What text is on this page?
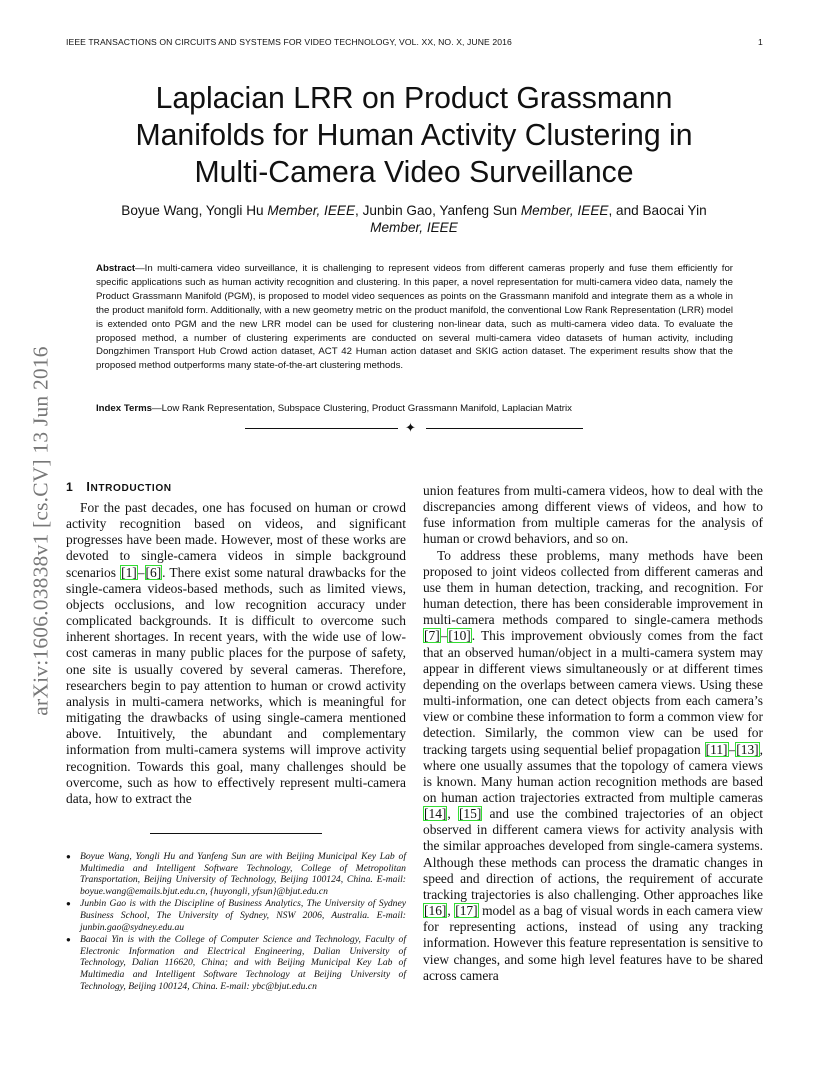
IEEE TRANSACTIONS ON CIRCUITS AND SYSTEMS FOR VIDEO TECHNOLOGY, VOL. XX, NO. X, JUNE 2016	1
Laplacian LRR on Product Grassmann
Manifolds for Human Activity Clustering in
Multi-Camera Video Surveillance
Boyue Wang, Yongli Hu Member, IEEE, Junbin Gao, Yanfeng Sun Member, IEEE, and Baocai Yin
Member, IEEE

Abstract—In multi-camera video surveillance, it is challenging to represent videos from different cameras properly and fuse them efficiently for specific applications such as human activity recognition and clustering. In this paper, a novel representation for multi-camera video data, namely the Product Grassmann Manifold (PGM), is proposed to model video sequences as points on the Grassmann manifold and integrate them as a whole in the product manifold form. Additionally, with a new geometry metric on the product manifold, the conventional Low Rank Representation (LRR) model is extended onto PGM and the new LRR model can be used for clustering non-linear data, such as multi-camera video data. To evaluate the proposed method, a number of clustering experiments are conducted on several multi-camera video datasets of human activity, including Dongzhimen Transport Hub Crowd action dataset, ACT 42 Human action dataset and SKIG action dataset. The experiment results show that the proposed method outperforms many state-of-the-art clustering methods.

Index Terms—Low Rank Representation, Subspace Clustering, Product Grassmann Manifold, Laplacian Matrix

✦
arXiv:1606.03838v1 [cs.CV] 13 Jun 2016 1 INTRODUCTION

For the past decades, one has focused on human or crowd activity recognition based on videos, and significant progresses have been made. However, most of these works are devoted to single-camera videos in simple background scenarios [1]–[6]. There exist some natural drawbacks for the single-camera videos-based methods, such as limited views, objects occlusions, and low recognition accuracy under complicated backgrounds. It is difficult to overcome such inherent shortages. In recent years, with the wide use of low-cost cameras in many public places for the purpose of safety, one site is usually covered by several cameras. Therefore, researchers begin to pay attention to human or crowd activity analysis in multi-camera networks, which is meaningful for mitigating the drawbacks of using single-camera mentioned above. Intuitively, the abundant and complementary information from multi-camera systems will improve activity recognition. Towards this goal, many challenges should be overcome, such as how to effectively represent multi-camera data, how to extract the

● Boyue Wang, Yongli Hu and Yanfeng Sun are with Beijing Municipal Key Lab of Multimedia and Intelligent Software Technology, College of Metropolitan Transportation, Beijing University of Technology, Beijing 100124, China. E-mail: boyue.wang@emails.bjut.edu.cn, {huyongli, yfsun}@bjut.edu.cn
● Junbin Gao is with the Discipline of Business Analytics, The University of Sydney Business School, The University of Sydney, NSW 2006, Australia. E-mail: junbin.gao@sydney.edu.au
● Baocai Yin is with the College of Computer Science and Technology, Faculty of Electronic Information and Electrical Engineering, Dalian University of Technology, Dalian 116620, China; and with Beijing Municipal Key Lab of Multimedia and Intelligent Software Technology at Beijing University of Technology, Beijing 100124, China. E-mail: ybc@bjut.edu.cn

union features from multi-camera videos, how to deal with the discrepancies among different views of videos, and how to fuse information from multiple cameras for the analysis of human or crowd behaviors, and so on.

To address these problems, many methods have been proposed to joint videos collected from different cameras and use them in human detection, tracking, and recognition. For human detection, there has been considerable improvement in multi-camera methods compared to single-camera methods [7]–[10]. This improvement obviously comes from the fact that an observed human/object in a multi-camera system may appear in different views simultaneously or at different times depending on the overlaps between camera views. Using these multi-information, one can detect objects from each camera’s view or combine these information to form a common view for detection. Similarly, the common view can be used for tracking targets using sequential belief propagation [11]–[13], where one usually assumes that the topology of camera views is known. Many human action recognition methods are based on human action trajectories extracted from multiple cameras [14], [15] and use the combined trajectories of an object observed in different camera views for activity analysis with the similar approaches developed from single-camera systems. Although these methods can process the dramatic changes in speed and direction of actions, the requirement of accurate tracking trajectories is also challenging. Other approaches like [16], [17] model as a bag of visual words in each camera view for representing actions, instead of using any tracking information. However this feature representation is sensitive to view changes, and some high level features have to be shared across camera
